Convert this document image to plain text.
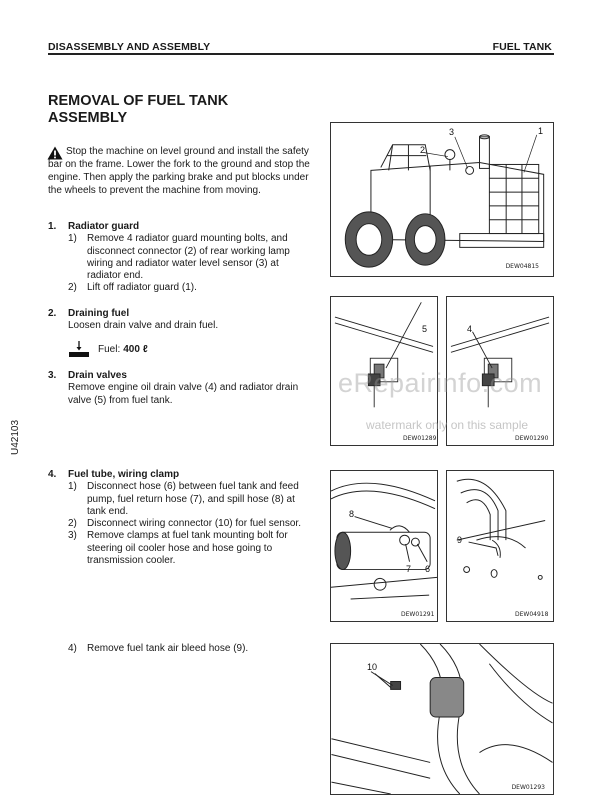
DISASSEMBLY AND ASSEMBLY	FUEL TANK
REMOVAL OF FUEL TANK
ASSEMBLY
Stop the machine on level ground and install the safety bar on the frame. Lower the fork to the ground and stop the engine. Then apply the parking brake and put blocks under the wheels to prevent the machine from moving.
1.	Radiator guard
1)	Remove 4 radiator guard mounting bolts, and disconnect connector (2) of rear working lamp wiring and radiator water level sensor (3) at radiator end.
2)	Lift off radiator guard (1).
2.	Draining fuel
Loosen drain valve and drain fuel.
Fuel: 400 ℓ
3.	Drain valves
Remove engine oil drain valve (4) and radiator drain valve (5) from fuel tank.
4.	Fuel tube, wiring clamp
1)	Disconnect hose (6) between fuel tank and feed pump, fuel return hose (7), and spill hose (8) at tank end.
2)	Disconnect wiring connector (10) for fuel sensor.
3)	Remove clamps at fuel tank mounting bolt for steering oil cooler hose and hose going to transmission cooler.
4)	Remove fuel tank air bleed hose (9).
U42103
3
2
1
DEW04815
5
DEW01289
4
DEW01290
8
7 6
DEW01291
9
DEW04918
10
DEW01293
eRepairinfo.com
watermark only on this sample
